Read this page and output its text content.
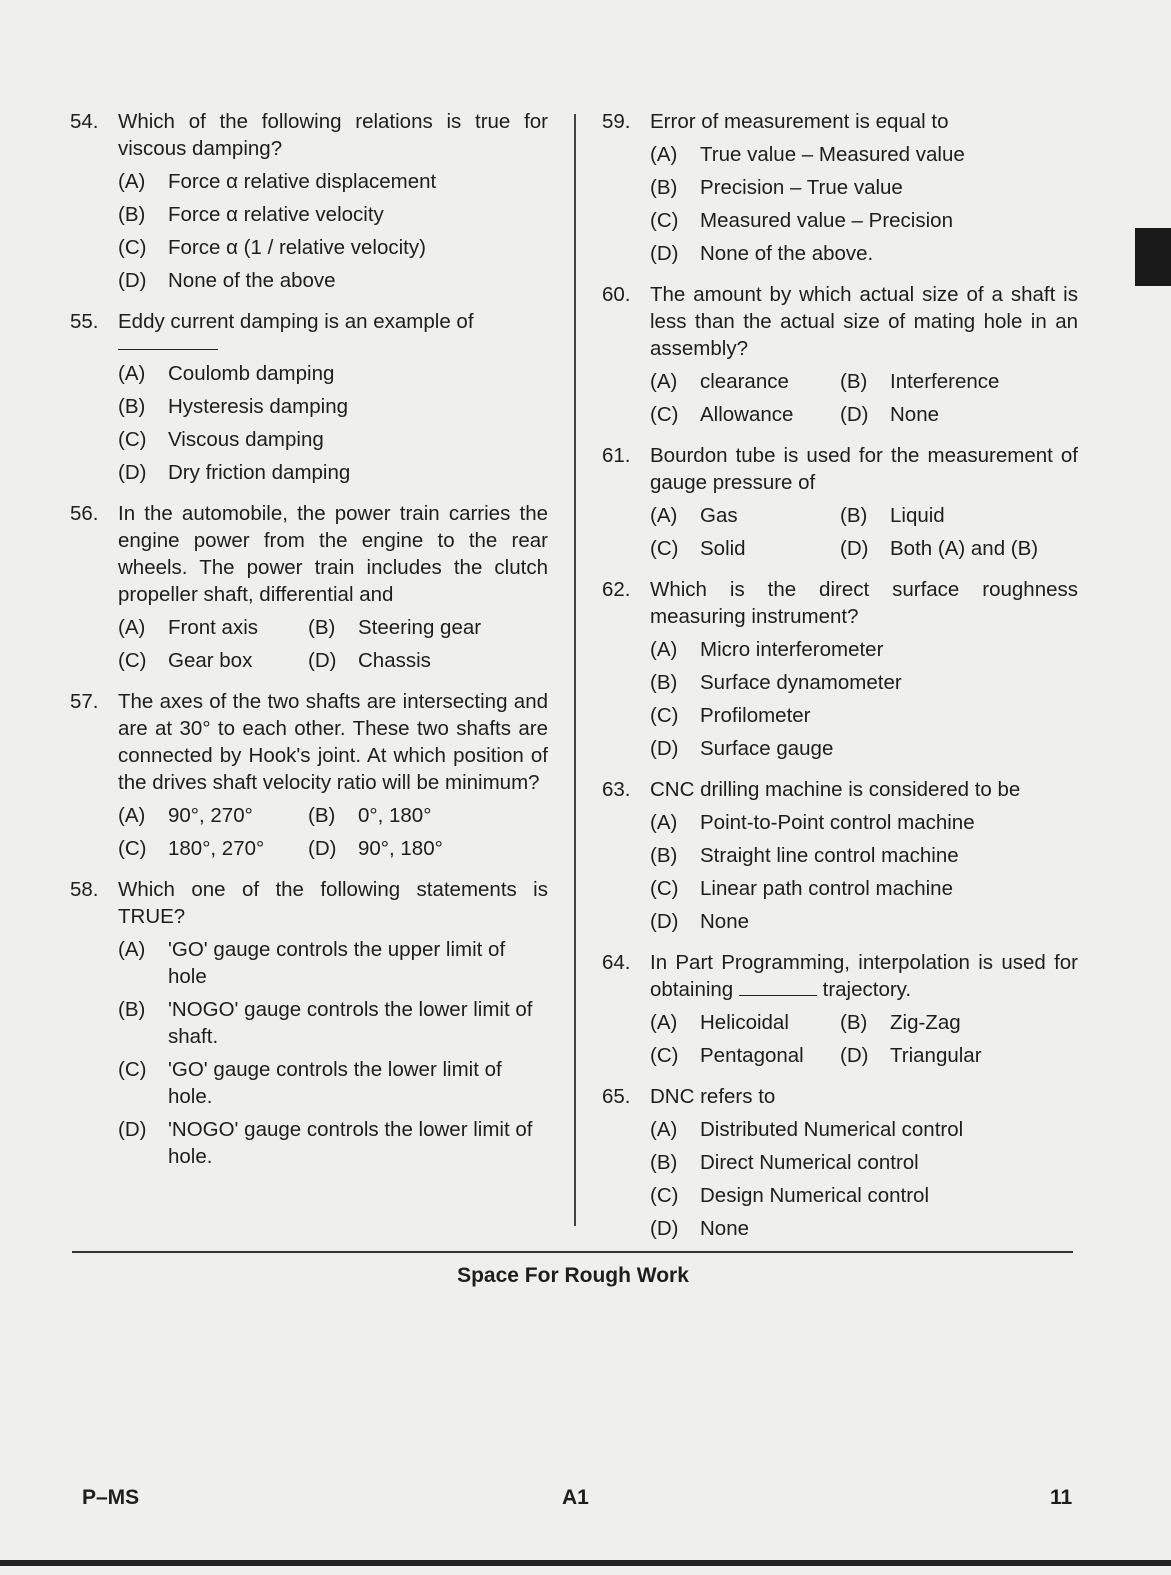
54. Which of the following relations is true for viscous damping?
(A)	Force α relative displacement
(B)	Force α relative velocity
(C)	Force α (1 / relative velocity)
(D)	None of the above
55. Eddy current damping is an example of
(A)	Coulomb damping
(B)	Hysteresis damping
(C)	Viscous damping
(D)	Dry friction damping
56. In the automobile, the power train carries the engine power from the engine to the rear wheels. The power train includes the clutch propeller shaft, differential and
(A)	Front axis (B)	Steering gear
(C)	Gear box	(D)	Chassis
57. The axes of the two shafts are intersecting and are at 30° to each other. These two shafts are connected by Hook's joint. At which position of the drives shaft velocity ratio will be minimum?
(A)	90°, 270°	(B)	0°, 180°
(C)	180°, 270° (D)	90°, 180°
58. Which one of the following statements is TRUE?
(A)	'GO' gauge controls the upper limit of hole
(B)	'NOGO' gauge controls the lower limit of shaft.
(C)	'GO' gauge controls the lower limit of hole.
(D)	'NOGO' gauge controls the lower limit of hole.
59. Error of measurement is equal to
(A)	True value – Measured value
(B)	Precision – True value
(C)	Measured value – Precision
(D)	None of the above.
60. The amount by which actual size of a shaft is less than the actual size of mating hole in an assembly?
(A)	clearance (B)	Interference
(C)	Allowance (D)	None
61. Bourdon tube is used for the measurement of gauge pressure of
(A)	Gas	(B)	Liquid
(C)	Solid	(D)	Both (A) and (B)
62. Which is the direct surface roughness measuring instrument?
(A)	Micro interferometer
(B)	Surface dynamometer
(C)	Profilometer
(D)	Surface gauge
63. CNC drilling machine is considered to be
(A)	Point-to-Point control machine
(B)	Straight line control machine
(C)	Linear path control machine
(D)	None
64. In Part Programming, interpolation is used for obtaining	trajectory.
(A)	Helicoidal (B)	Zig-Zag
(C)	Pentagonal (D)	Triangular
65. DNC refers to
(A)	Distributed Numerical control
(B)	Direct Numerical control
(C)	Design Numerical control
(D)	None
Space For Rough Work
P–MS	A1	11
